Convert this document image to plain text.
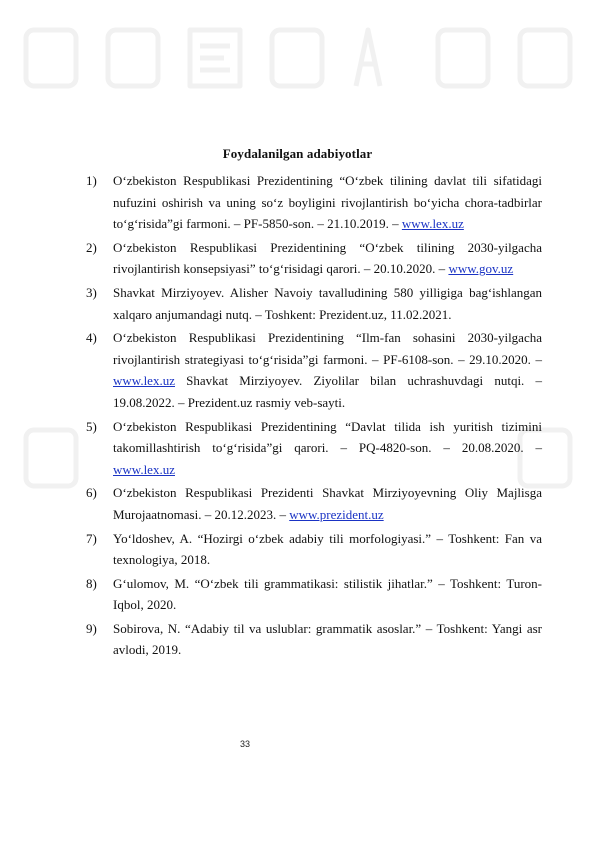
Foydalanilgan adabiyotlar
1) O‘zbekiston Respublikasi Prezidentining “O‘zbek tilining davlat tili sifatidagi nufuzini oshirish va uning so‘z boyligini rivojlantirish bo‘yicha chora-tadbirlar to‘g‘risida”gi farmoni. – PF-5850-son. – 21.10.2019. – www.lex.uz
2) O‘zbekiston Respublikasi Prezidentining “O‘zbek tilining 2030-yilgacha rivojlantirish konsepsiyasi” to‘g‘risidagi qarori. – 20.10.2020. – www.gov.uz
3) Shavkat Mirziyoyev. Alisher Navoiy tavalludining 580 yilligiga bag‘ishlangan xalqaro anjumandagi nutq. – Toshkent: Prezident.uz, 11.02.2021.
4) O‘zbekiston Respublikasi Prezidentining “Ilm-fan sohasini 2030-yilgacha rivojlantirish strategiyasi to‘g‘risida”gi farmoni. – PF-6108-son. – 29.10.2020. – www.lex.uz Shavkat Mirziyoyev. Ziyolilar bilan uchrashuvdagi nutqi. – 19.08.2022. – Prezident.uz rasmiy veb-sayti.
5) O‘zbekiston Respublikasi Prezidentining “Davlat tilida ish yuritish tizimini takomillashtirish to‘g‘risida”gi qarori. – PQ-4820-son. – 20.08.2020. – www.lex.uz
6) O‘zbekiston Respublikasi Prezidenti Shavkat Mirziyoyevning Oliy Majlisga Murojaatnomasi. – 20.12.2023. – www.prezident.uz
7) Yo‘ldoshev, A. “Hozirgi o‘zbek adabiy tili morfologiyasi.” – Toshkent: Fan va texnologiya, 2018.
8) G‘ulomov, M. “O‘zbek tili grammatikasi: stilistik jihatlar.” – Toshkent: Turon-Iqbol, 2020.
9) Sobirova, N. “Adabiy til va uslublar: grammatik asoslar.” – Toshkent: Yangi asr avlodi, 2019.
33
